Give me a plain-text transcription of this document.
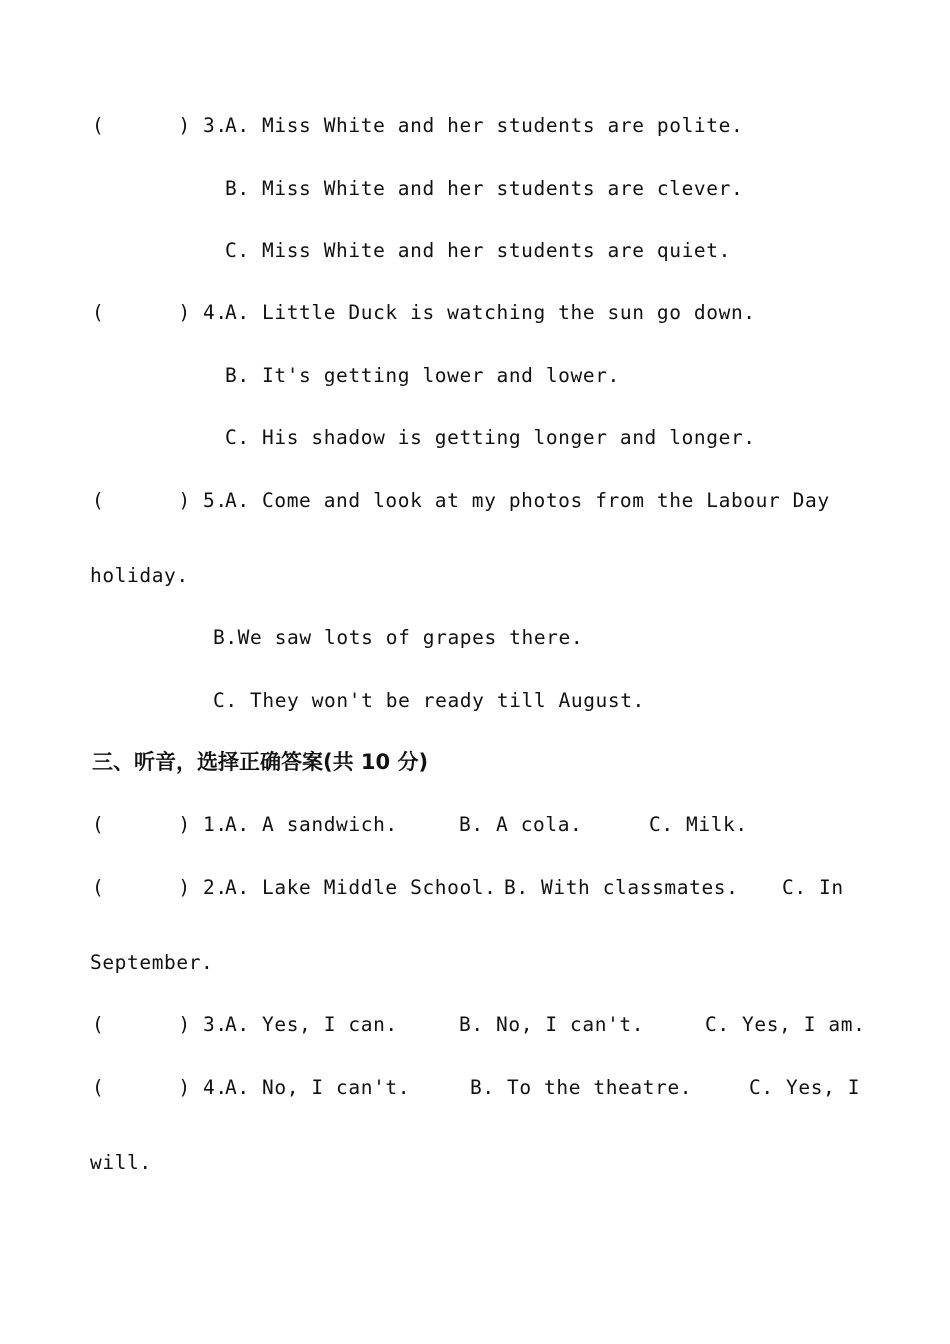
(      ) 3.
A. Miss White and her students are polite.
B. Miss White and her students are clever.
C. Miss White and her students are quiet.
(      ) 4.
A. Little Duck is watching the sun go down.
B. It's getting lower and lower.
C. His shadow is getting longer and longer.
(      ) 5.
A. Come and look at my photos from the Labour Day
holiday.
B.We saw lots of grapes there.
C. They won't be ready till August.
三、听音，选择正确答案(共 10 分)
(      ) 1.
A. A sandwich.	B. A cola.	C. Milk.
(      ) 2.
A. Lake Middle School. B. With classmates. C. In
September.
(      ) 3.
A. Yes, I can.	B. No, I can't.	C. Yes, I am.
(      ) 4.
A. No, I can't.	B. To the theatre.	C. Yes, I
will.
